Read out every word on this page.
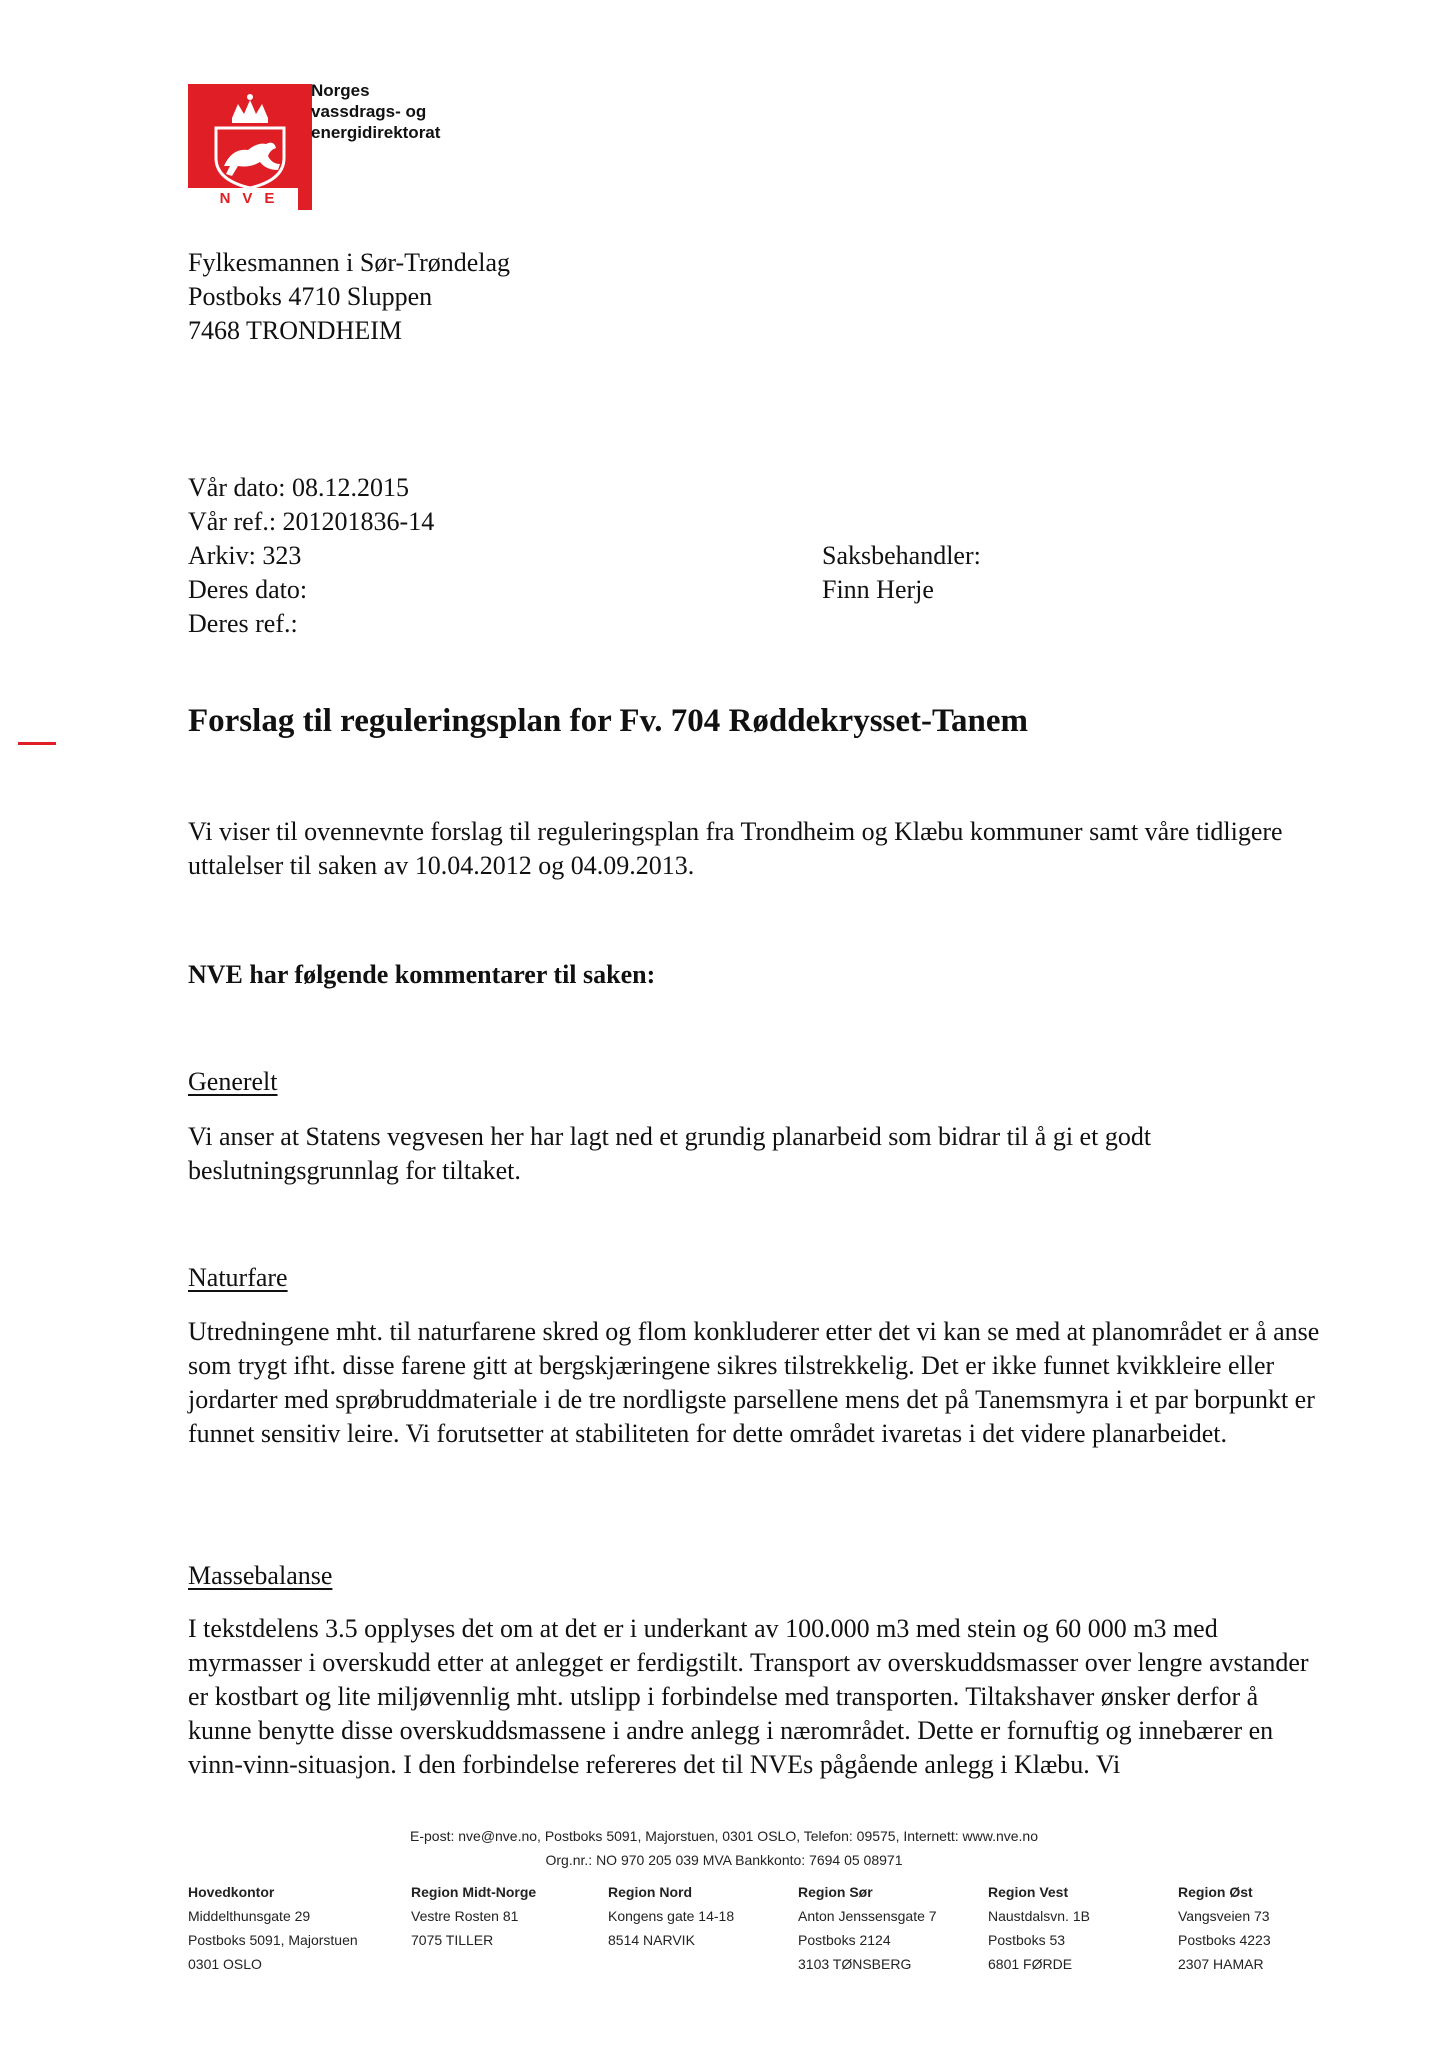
NVE
Norges
vassdrags- og
energidirektorat
Fylkesmannen i Sør-Trøndelag
Postboks 4710 Sluppen
7468 TRONDHEIM
Vår dato: 08.12.2015
Vår ref.: 201201836-14
Arkiv: 323
Deres dato:
Deres ref.:
Saksbehandler:
Finn Herje
Forslag til reguleringsplan for Fv. 704 Røddekrysset-Tanem
Vi viser til ovennevnte forslag til reguleringsplan fra Trondheim og Klæbu kommuner samt våre tidligere uttalelser til saken av 10.04.2012 og 04.09.2013.
NVE har følgende kommentarer til saken:
Generelt
Vi anser at Statens vegvesen her har lagt ned et grundig planarbeid som bidrar til å gi et godt beslutningsgrunnlag for tiltaket.
Naturfare
Utredningene mht. til naturfarene skred og flom konkluderer etter det vi kan se med at planområdet er å anse som trygt ifht. disse farene gitt at bergskjæringene sikres tilstrekkelig. Det er ikke funnet kvikkleire eller jordarter med sprøbruddmateriale i de tre nordligste parsellene mens det på Tanemsmyra i et par borpunkt er funnet sensitiv leire. Vi forutsetter at stabiliteten for dette området ivaretas i det videre planarbeidet.
Massebalanse
I tekstdelens 3.5 opplyses det om at det er i underkant av 100.000 m3 med stein og 60 000 m3 med myrmasser i overskudd etter at anlegget er ferdigstilt. Transport av overskuddsmasser over lengre avstander er kostbart og lite miljøvennlig mht. utslipp i forbindelse med transporten. Tiltakshaver ønsker derfor å kunne benytte disse overskuddsmassene i andre anlegg i nærområdet. Dette er fornuftig og innebærer en vinn-vinn-situasjon. I den forbindelse refereres det til NVEs pågående anlegg i Klæbu. Vi
E-post: nve@nve.no, Postboks 5091, Majorstuen, 0301 OSLO, Telefon: 09575, Internett: www.nve.no
Org.nr.: NO 970 205 039 MVA Bankkonto: 7694 05 08971
Hovedkontor
Middelthunsgate 29
Postboks 5091, Majorstuen
0301 OSLO
Region Midt-Norge
Vestre Rosten 81
7075 TILLER
Region Nord
Kongens gate 14-18
8514 NARVIK
Region Sør
Anton Jenssensgate 7
Postboks 2124
3103 TØNSBERG
Region Vest
Naustdalsvn. 1B
Postboks 53
6801 FØRDE
Region Øst
Vangsveien 73
Postboks 4223
2307 HAMAR
